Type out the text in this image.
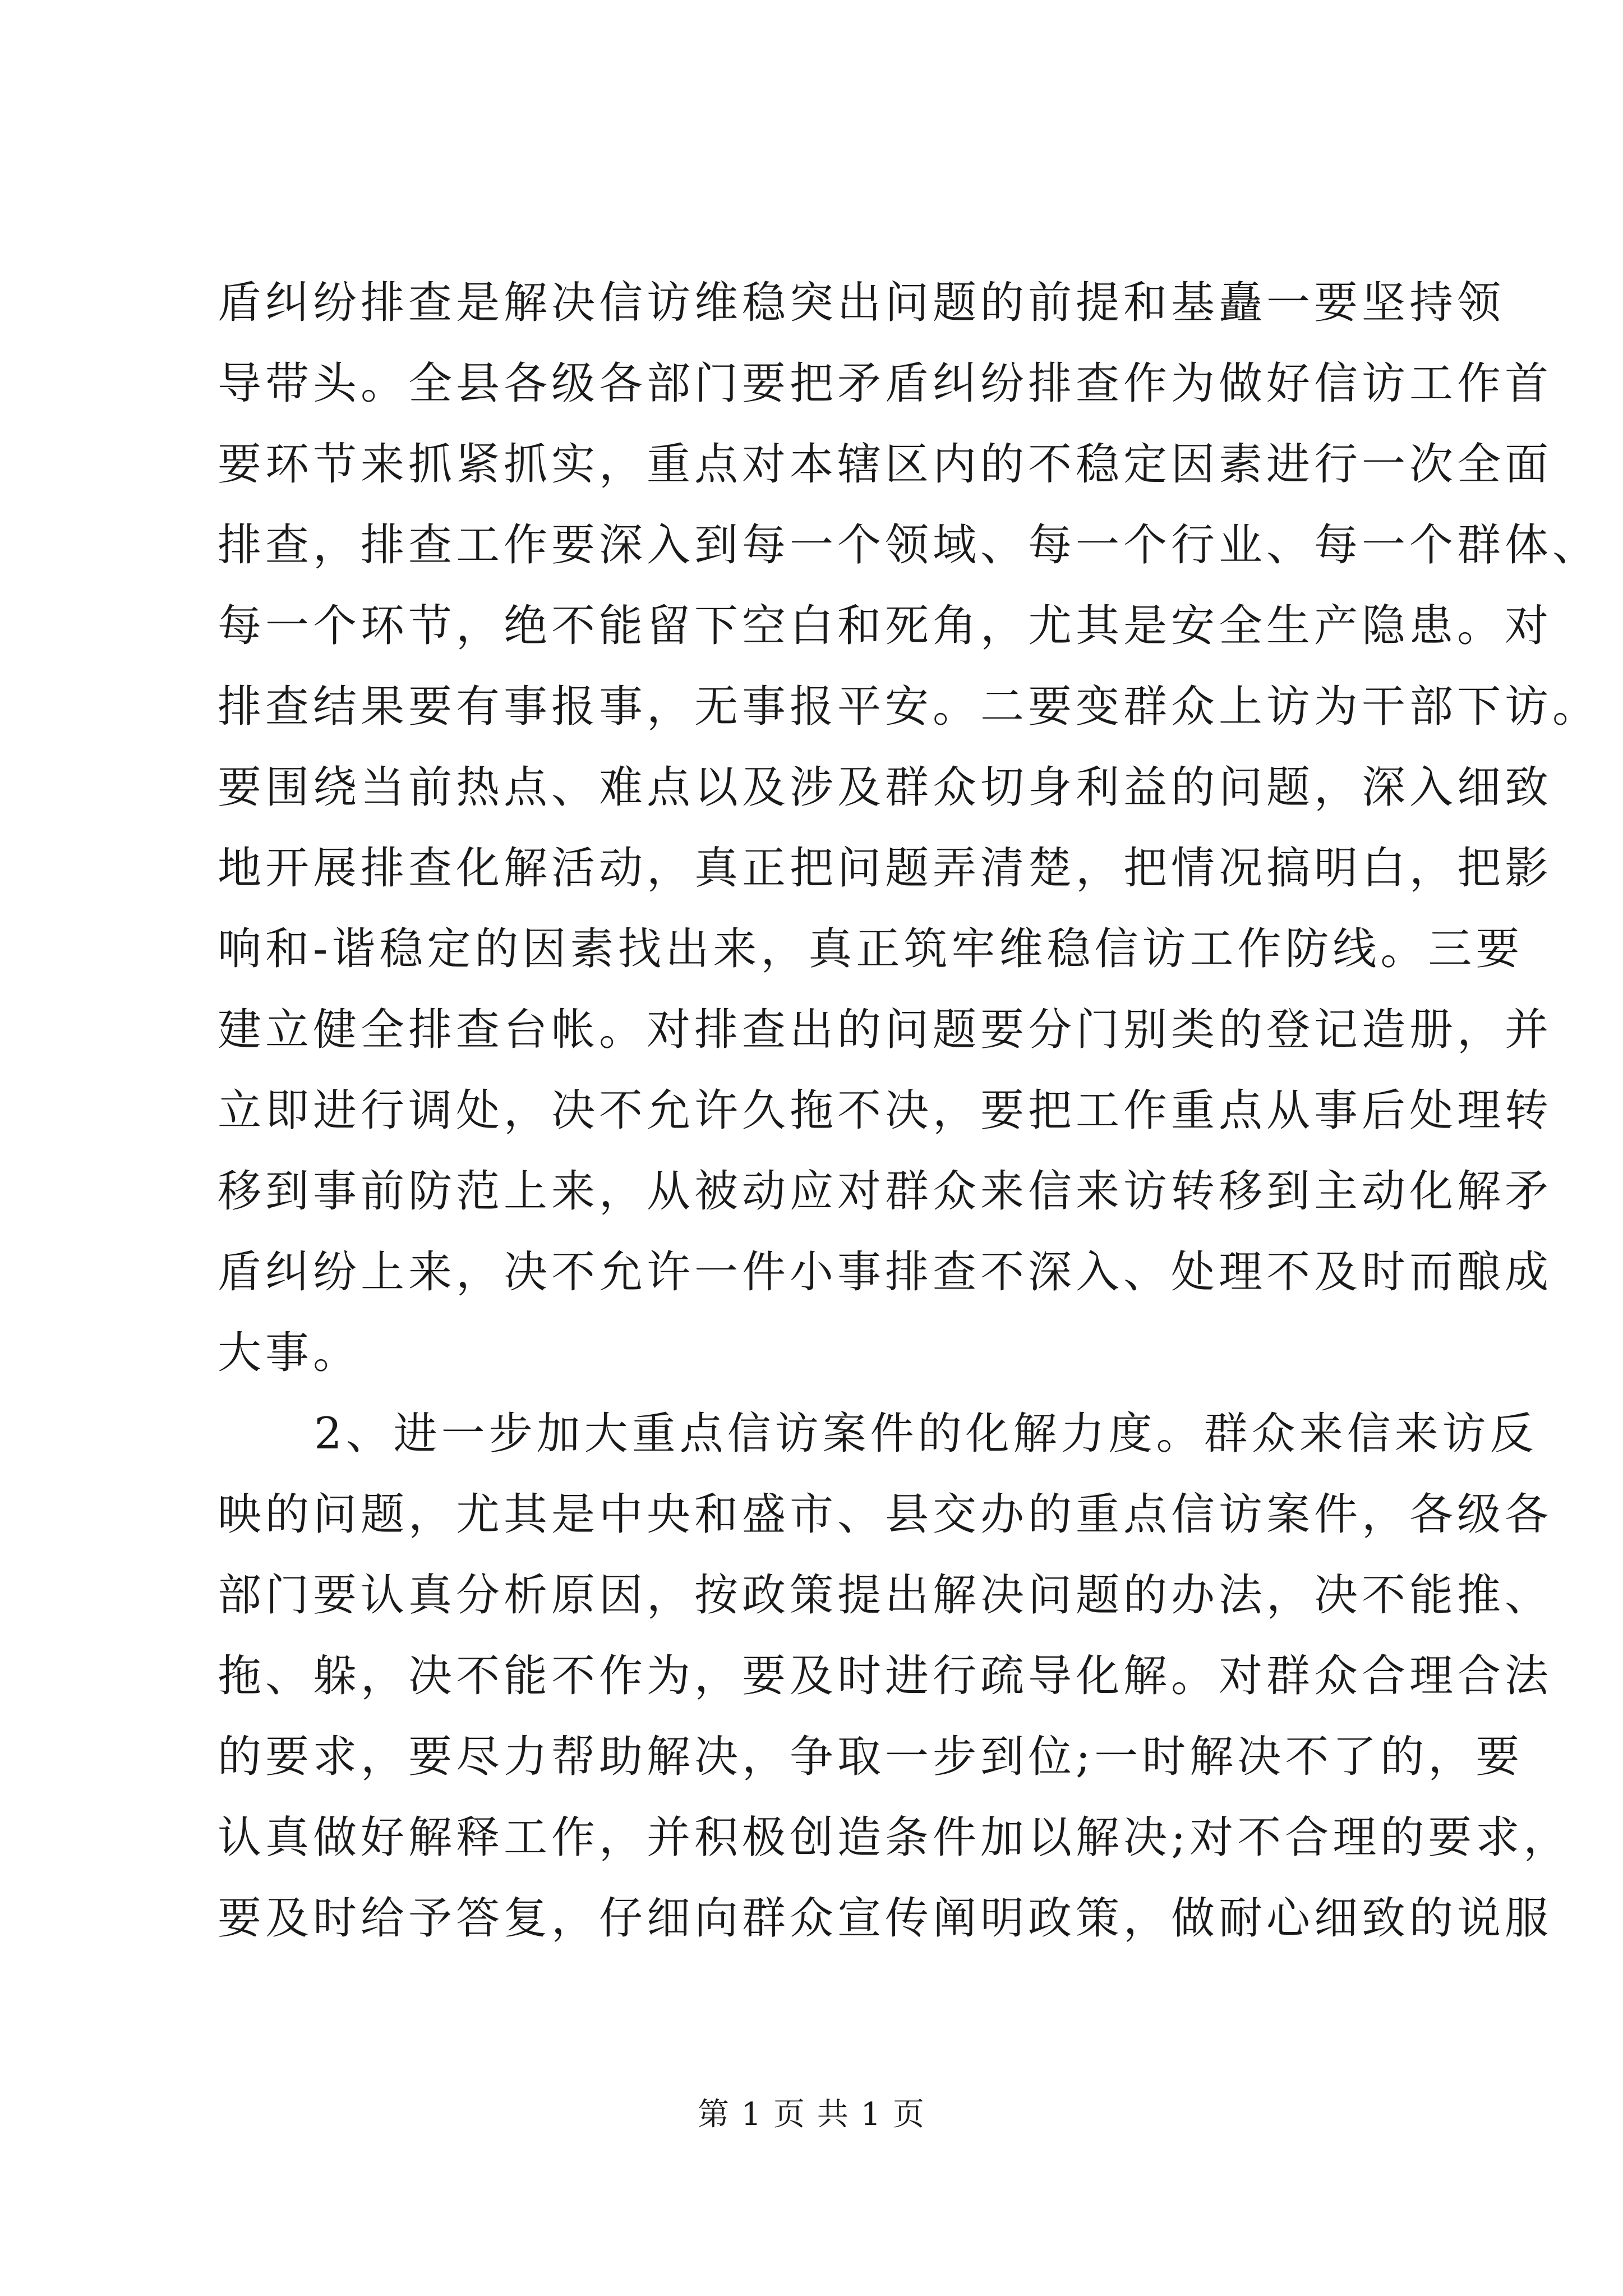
盾纠纷排查是解决信访维稳突出问题的前提和基矗一要坚持领
导带头。全县各级各部门要把矛盾纠纷排查作为做好信访工作首
要环节来抓紧抓实，重点对本辖区内的不稳定因素进行一次全面
排查，排查工作要深入到每一个领域、每一个行业、每一个群体、
每一个环节，绝不能留下空白和死角，尤其是安全生产隐患。对
排查结果要有事报事，无事报平安。二要变群众上访为干部下访。
要围绕当前热点、难点以及涉及群众切身利益的问题，深入细致
地开展排查化解活动，真正把问题弄清楚，把情况搞明白，把影
响和-谐稳定的因素找出来，真正筑牢维稳信访工作防线。三要
建立健全排查台帐。对排查出的问题要分门别类的登记造册，并
立即进行调处，决不允许久拖不决，要把工作重点从事后处理转
移到事前防范上来，从被动应对群众来信来访转移到主动化解矛
盾纠纷上来，决不允许一件小事排查不深入、处理不及时而酿成
大事。
2、进一步加大重点信访案件的化解力度。群众来信来访反
映的问题，尤其是中央和盛市、县交办的重点信访案件，各级各
部门要认真分析原因，按政策提出解决问题的办法，决不能推、
拖、躲，决不能不作为，要及时进行疏导化解。对群众合理合法
的要求，要尽力帮助解决，争取一步到位;一时解决不了的，要
认真做好解释工作，并积极创造条件加以解决;对不合理的要求，
要及时给予答复，仔细向群众宣传阐明政策，做耐心细致的说服
第 1 页 共 1 页
